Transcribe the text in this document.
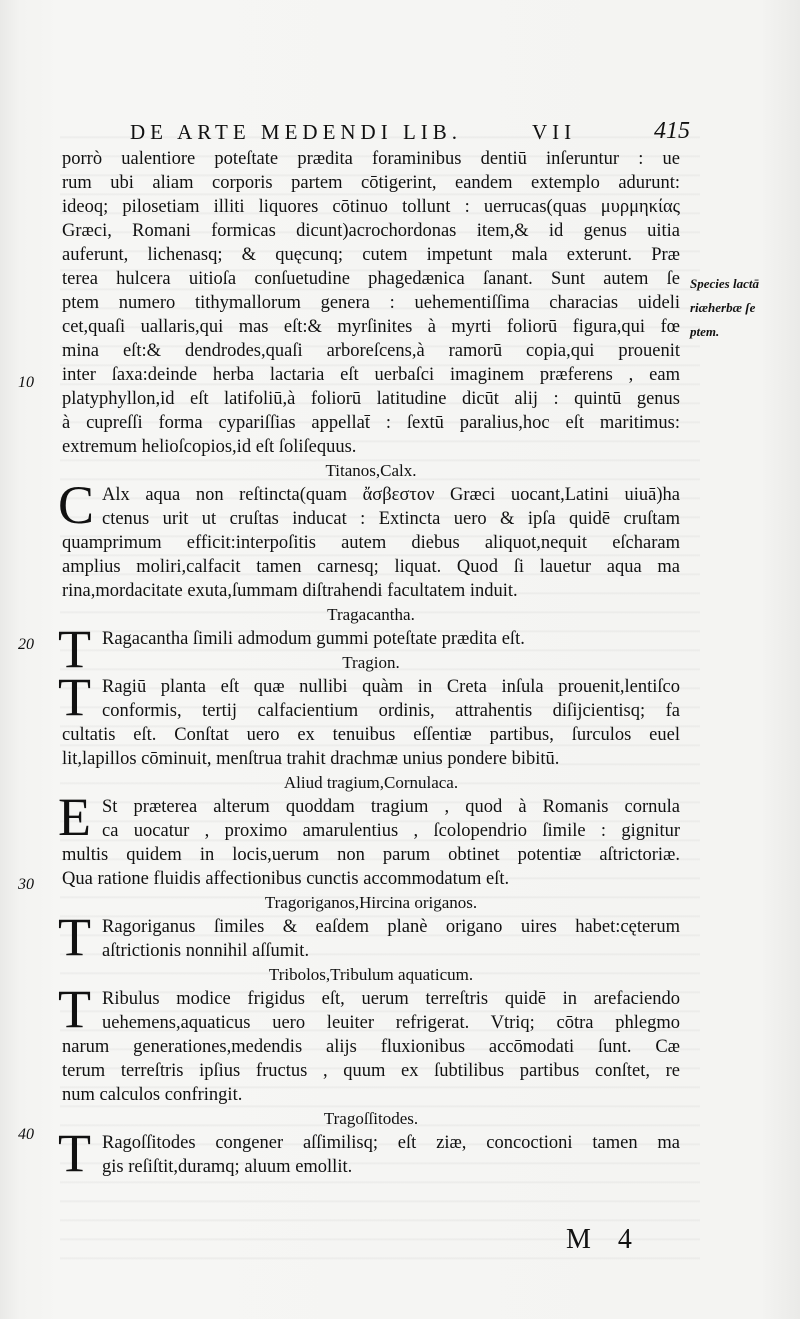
DE ARTE MEDENDI LIB.	VII	415
porrò ualentiore poteſtate prædita foraminibus dentiū inſeruntur : ue
rum ubi aliam corporis partem cōtigerint, eandem extemplo adurunt:
ideoq; pilosetiam illiti liquores cōtinuo tollunt : uerrucas(quas μυρμηκίας
Græci, Romani formicas dicunt)acrochordonas item,& id genus uitia
auferunt, lichenasq; & quęcunq; cutem impetunt mala exterunt. Præ
terea hulcera uitioſa conſuetudine phagedænica ſanant. Sunt autem ſe
ptem numero tithymallorum genera : uehementiſſima characias uideli
cet,quaſi uallaris,qui mas eſt:& myrſinites à myrti foliorū figura,qui fœ
mina eſt:& dendrodes,quaſi arboreſcens,à ramorū copia,qui prouenit
inter ſaxa:deinde herba lactaria eſt uerbaſci imaginem præferens , eam
platyphyllon,id eſt latifoliū,à foliorū latitudine dicūt alij : quintū genus
à cupreſſi forma cypariſſias appellat̄ : ſextū paralius,hoc eſt maritimus:
extremum helioſcopios,id eſt ſoliſequus.
Titanos,Calx.
C Alx aqua non reſtincta(quam ἄσβεστον Græci uocant,Latini uiuā)ha
ctenus urit ut cruſtas inducat : Extincta uero & ipſa quidē cruſtam
quamprimum efficit:interpoſitis autem diebus aliquot,nequit eſcharam
amplius moliri,calfacit tamen carnesq; liquat. Quod ſi lauetur aqua ma
rina,mordacitate exuta,ſummam diſtrahendi facultatem induit.
Tragacantha.
T Ragacantha ſimili admodum gummi poteſtate prædita eſt.
Tragion.
T Ragiū planta eſt quæ nullibi quàm in Creta inſula prouenit,lentiſco
conformis, tertij calfacientium ordinis, attrahentis diſijcientisq; fa
cultatis eſt. Conſtat uero ex tenuibus eſſentiæ partibus, ſurculos euel
lit,lapillos cōminuit, menſtrua trahit drachmæ unius pondere bibitū.
Aliud tragium,Cornulaca.
E St præterea alterum quoddam tragium , quod à Romanis cornula
ca uocatur , proximo amarulentius , ſcolopendrio ſimile : gignitur
multis quidem in locis,uerum non parum obtinet potentiæ aſtrictoriæ.
Qua ratione fluidis affectionibus cunctis accommodatum eſt.
Tragoriganos,Hircina origanos.
T Ragoriganus ſimiles & eaſdem planè origano uires habet:cęterum
aſtrictionis nonnihil aſſumit.
Tribolos,Tribulum aquaticum.
T Ribulus modice frigidus eſt, uerum terreſtris quidē in arefaciendo
uehemens,aquaticus uero leuiter refrigerat. Vtriq; cōtra phlegmo
narum generationes,medendis alijs fluxionibus accōmodati ſunt. Cæ
terum terreſtris ipſius fructus , quum ex ſubtilibus partibus conſtet, re
num calculos confringit.
Tragoſſitodes.
T Ragoſſitodes congener aſſimilisq; eſt ziæ, concoctioni tamen ma
gis reſiſtit,duramq; aluum emollit.
Species lactā
riæherbæ ſe
ptem.
10
20
30
40
M 4
